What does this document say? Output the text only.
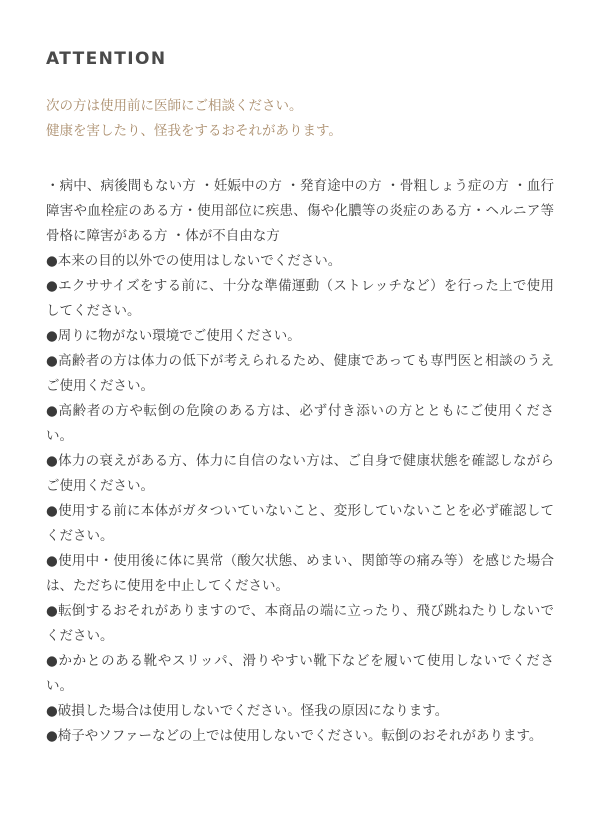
ATTENTION
次の方は使用前に医師にご相談ください。
健康を害したり、怪我をするおそれがあります。
・病中、病後間もない方 ・妊娠中の方 ・発育途中の方 ・骨粗しょう症の方 ・血行障害や血栓症のある方・使用部位に疾患、傷や化膿等の炎症のある方・ヘルニア等骨格に障害がある方 ・体が不自由な方
●本来の目的以外での使用はしないでください。
●エクササイズをする前に、十分な準備運動（ストレッチなど）を行った上で使用してください。
●周りに物がない環境でご使用ください。
●高齢者の方は体力の低下が考えられるため、健康であっても専門医と相談のうえご使用ください。
●高齢者の方や転倒の危険のある方は、必ず付き添いの方とともにご使用ください。
●体力の衰えがある方、体力に自信のない方は、ご自身で健康状態を確認しながらご使用ください。
●使用する前に本体がガタついていないこと、変形していないことを必ず確認してください。
●使用中・使用後に体に異常（酸欠状態、めまい、関節等の痛み等）を感じた場合は、ただちに使用を中止してください。
●転倒するおそれがありますので、本商品の端に立ったり、飛び跳ねたりしないでください。
●かかとのある靴やスリッパ、滑りやすい靴下などを履いて使用しないでください。
●破損した場合は使用しないでください。怪我の原因になります。
●椅子やソファーなどの上では使用しないでください。転倒のおそれがあります。
